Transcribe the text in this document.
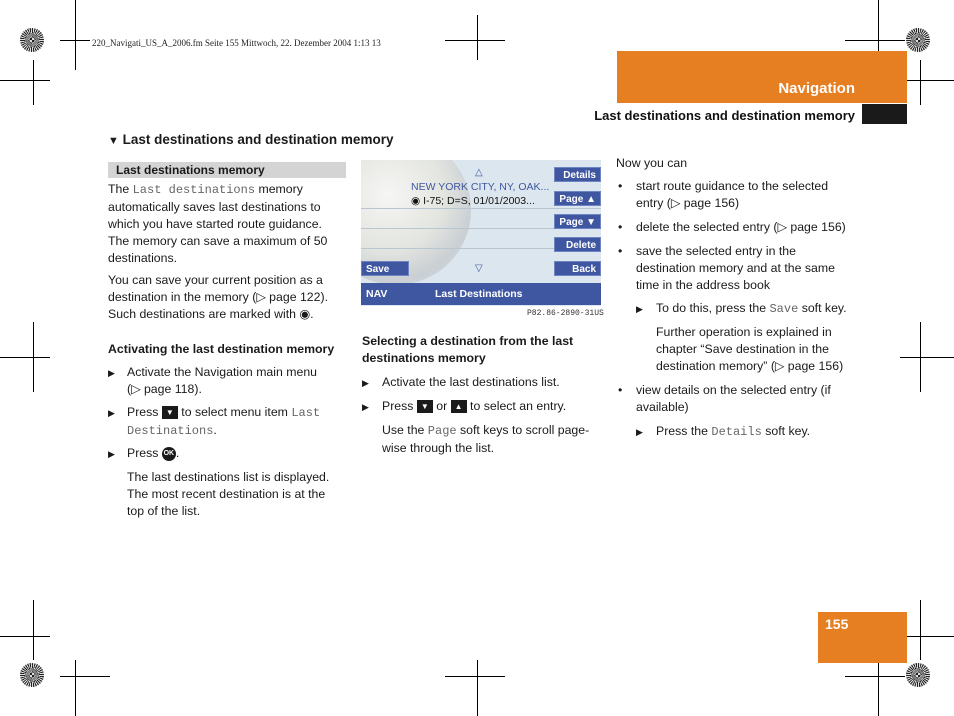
220_Navigati_US_A_2006.fm Seite 155 Mittwoch, 22. Dezember 2004 1:13 13
Navigation
Last destinations and destination memory
155
▼ Last destinations and destination memory
Last destinations memory
The Last destinations memory
automatically saves last destinations to
which you have started route guidance.
The memory can save a maximum of 50
destinations.
You can save your current position as a
destination in the memory (▷ page 122).
Such destinations are marked with ◉.
Activating the last destination memory
▶ Activate the Navigation main menu
(▷ page 118).
▶ Press ▼ to select menu item Last
Destinations.
▶ Press OK .
The last destinations list is displayed.
The most recent destination is at the
top of the list.
△
NEW YORK CITY, NY, OAK...
◉ I-75; D=S, 01/01/2003...
▽
Details
Page ▲
Page ▼
Delete
Back
Save
NAV	Last Destinations
P82.86-2890-31US
Selecting a destination from the last
destinations memory
▶ Activate the last destinations list.
▶ Press ▼ or ▲ to select an entry.
Use the Page soft keys to scroll page-
wise through the list.
Now you can
• start route guidance to the selected
entry (▷ page 156)
• delete the selected entry (▷ page 156)
• save the selected entry in the
destination memory and at the same
time in the address book
▶ To do this, press the Save soft key.
Further operation is explained in
chapter “Save destination in the
destination memory” (▷ page 156)
• view details on the selected entry (if
available)
▶ Press the Details soft key.
